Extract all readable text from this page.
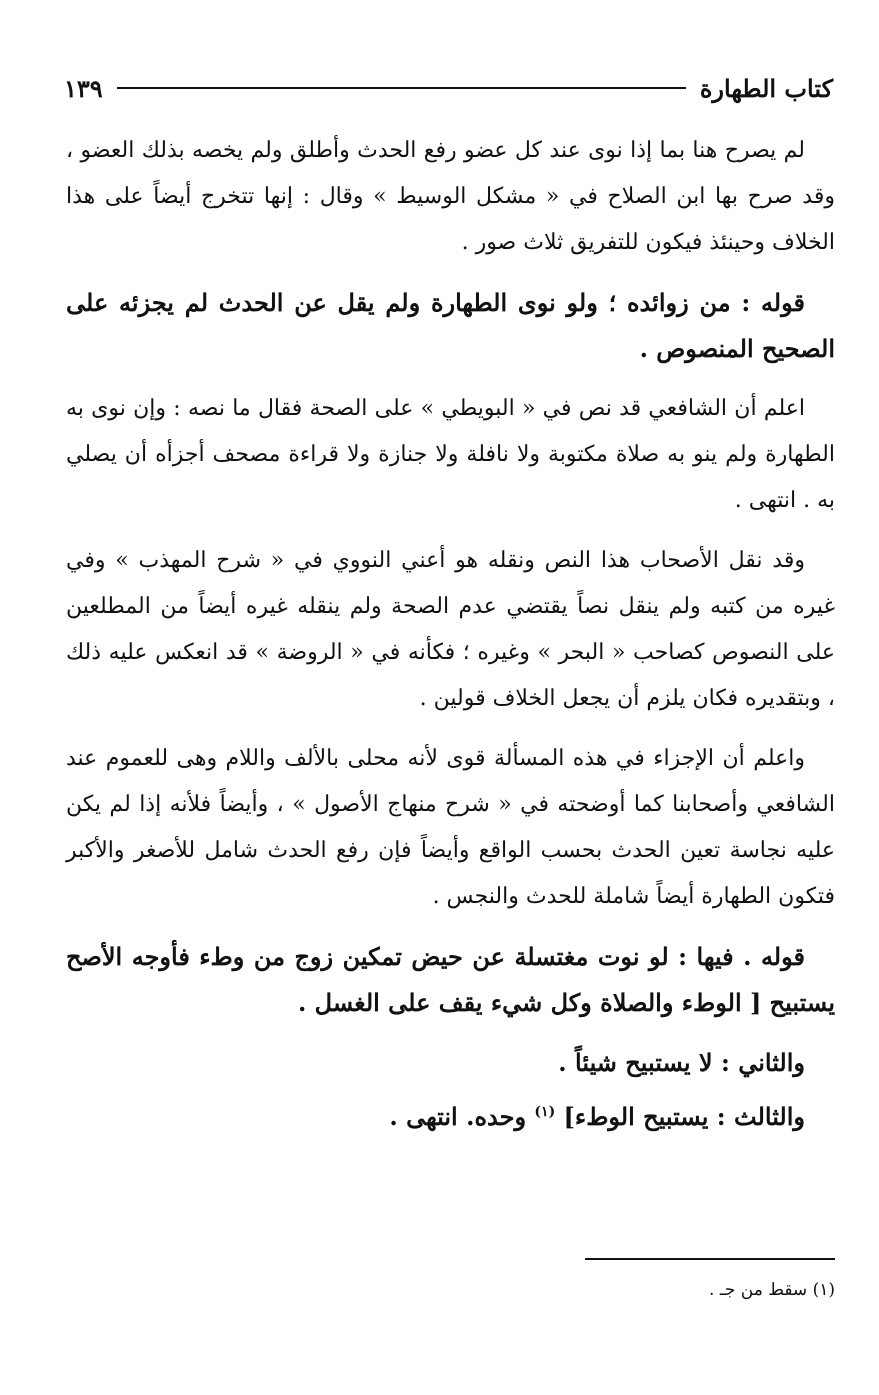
كتاب الطهارة
١٣٩

لم يصرح هنا بما إذا نوى عند كل عضو رفع الحدث وأطلق ولم يخصه بذلك العضو ، وقد صرح بها ابن الصلاح في « مشكل الوسيط » وقال : إنها تتخرج أيضاً على هذا الخلاف وحينئذ فيكون للتفريق ثلاث صور .

قوله : من زوائده ؛ ولو نوى الطهارة ولم يقل عن الحدث لم يجزئه على الصحيح المنصوص .

اعلم أن الشافعي قد نص في « البويطي » على الصحة فقال ما نصه : وإن نوى به الطهارة ولم ينو به صلاة مكتوبة ولا نافلة ولا جنازة ولا قراءة مصحف أجزأه أن يصلي به . انتهى .

وقد نقل الأصحاب هذا النص ونقله هو أعني النووي في « شرح المهذب » وفي غيره من كتبه ولم ينقل نصاً يقتضي عدم الصحة ولم ينقله غيره أيضاً من المطلعين على النصوص كصاحب « البحر » وغيره ؛ فكأنه في « الروضة » قد انعكس عليه ذلك ، وبتقديره فكان يلزم أن يجعل الخلاف قولين .

واعلم أن الإجزاء في هذه المسألة قوى لأنه محلى بالألف واللام وهى للعموم عند الشافعي وأصحابنا كما أوضحته في « شرح منهاج الأصول » ، وأيضاً فلأنه إذا لم يكن عليه نجاسة تعين الحدث بحسب الواقع وأيضاً فإن رفع الحدث شامل للأصغر والأكبر فتكون الطهارة أيضاً شاملة للحدث والنجس .

قوله . فيها : لو نوت مغتسلة عن حيض تمكين زوج من وطء فأوجه الأصح يستبيح [ الوطء والصلاة وكل شيء يقف على الغسل .

والثاني : لا يستبيح شيئاً .

والثالث : يستبيح الوطء] $^{(١)}$ وحده. انتهى .

(١) سقط من جـ .
